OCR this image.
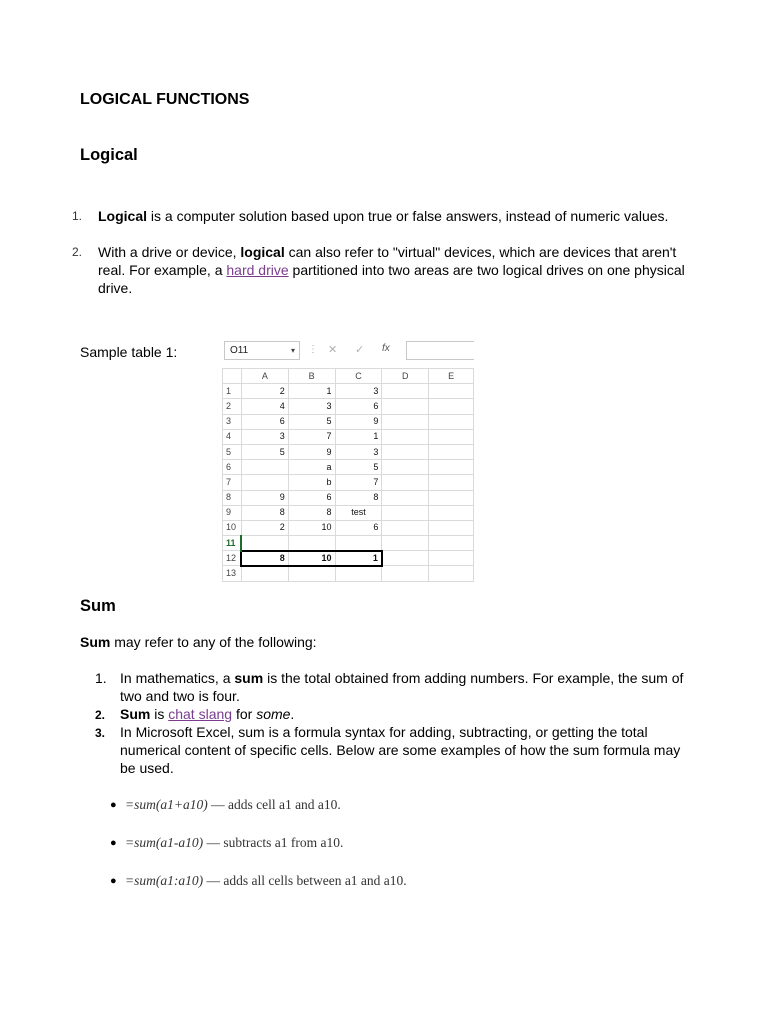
LOGICAL FUNCTIONS
Logical
1. Logical is a computer solution based upon true or false answers, instead of numeric values.
2. With a drive or device, logical can also refer to "virtual" devices, which are devices that aren't real. For example, a hard drive partitioned into two areas are two logical drives on one physical drive.
Sample table 1:	O11	▾ ⋮ ✕ ✓ fx
	A	B	C	D	E
1	2	1	3		
2	4	3	6		
3	6	5	9		
4	3	7	1		
5	5	9	3		
6		a	5		
7		b	7		
8	9	6	8		
9	8	8	test		
10	2	10	6		
11					
12	8	10	1		
13					
Sum
Sum may refer to any of the following:
1. In mathematics, a sum is the total obtained from adding numbers. For example, the sum of two and two is four.
2. Sum is chat slang for some.
3. In Microsoft Excel, sum is a formula syntax for adding, subtracting, or getting the total numerical content of specific cells. Below are some examples of how the sum formula may be used.
● =sum(a1+a10) — adds cell a1 and a10.
● =sum(a1-a10) — subtracts a1 from a10.
● =sum(a1:a10) — adds all cells between a1 and a10.
